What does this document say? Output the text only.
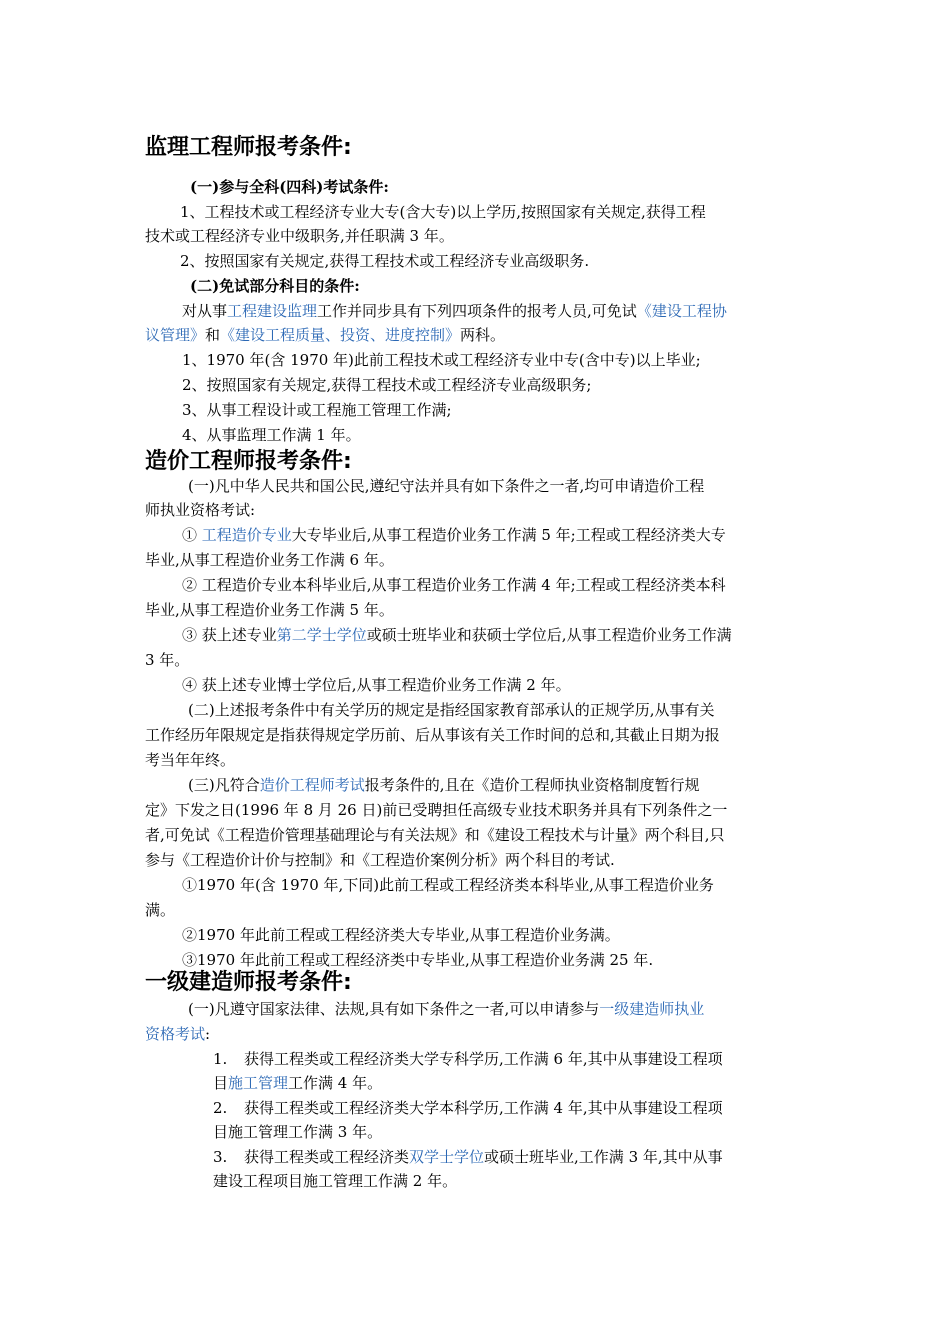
监理工程师报考条件:
(一)参与全科(四科)考试条件:
1、工程技术或工程经济专业大专(含大专)以上学历,按照国家有关规定,获得工程
技术或工程经济专业中级职务,并任职满 3 年。
2、按照国家有关规定,获得工程技术或工程经济专业高级职务.
(二)免试部分科目的条件:
对从事工程建设监理工作并同步具有下列四项条件的报考人员,可免试《建设工程协
议管理》和《建设工程质量、投资、进度控制》两科。
1、1970 年(含 1970 年)此前工程技术或工程经济专业中专(含中专)以上毕业;
2、按照国家有关规定,获得工程技术或工程经济专业高级职务;
3、从事工程设计或工程施工管理工作满;
4、从事监理工作满 1 年。
造价工程师报考条件:
(一)凡中华人民共和国公民,遵纪守法并具有如下条件之一者,均可申请造价工程
师执业资格考试:
① 工程造价专业大专毕业后,从事工程造价业务工作满 5 年;工程或工程经济类大专
毕业,从事工程造价业务工作满 6 年。
② 工程造价专业本科毕业后,从事工程造价业务工作满 4 年;工程或工程经济类本科
毕业,从事工程造价业务工作满 5 年。
③ 获上述专业第二学士学位或硕士班毕业和获硕士学位后,从事工程造价业务工作满
3 年。
④ 获上述专业博士学位后,从事工程造价业务工作满 2 年。
(二)上述报考条件中有关学历的规定是指经国家教育部承认的正规学历,从事有关
工作经历年限规定是指获得规定学历前、后从事该有关工作时间的总和,其截止日期为报
考当年年终。
(三)凡符合造价工程师考试报考条件的,且在《造价工程师执业资格制度暂行规
定》下发之日(1996 年 8 月 26 日)前已受聘担任高级专业技术职务并具有下列条件之一
者,可免试《工程造价管理基础理论与有关法规》和《建设工程技术与计量》两个科目,只
参与《工程造价计价与控制》和《工程造价案例分析》两个科目的考试.
①1970 年(含 1970 年,下同)此前工程或工程经济类本科毕业,从事工程造价业务
满。
②1970 年此前工程或工程经济类大专毕业,从事工程造价业务满。
③1970 年此前工程或工程经济类中专毕业,从事工程造价业务满 25 年.
一级建造师报考条件:
(一)凡遵守国家法律、法规,具有如下条件之一者,可以申请参与一级建造师执业
资格考试:
1. 获得工程类或工程经济类大学专科学历,工作满 6 年,其中从事建设工程项
目施工管理工作满 4 年。
2. 获得工程类或工程经济类大学本科学历,工作满 4 年,其中从事建设工程项
目施工管理工作满 3 年。
3. 获得工程类或工程经济类双学士学位或硕士班毕业,工作满 3 年,其中从事
建设工程项目施工管理工作满 2 年。
